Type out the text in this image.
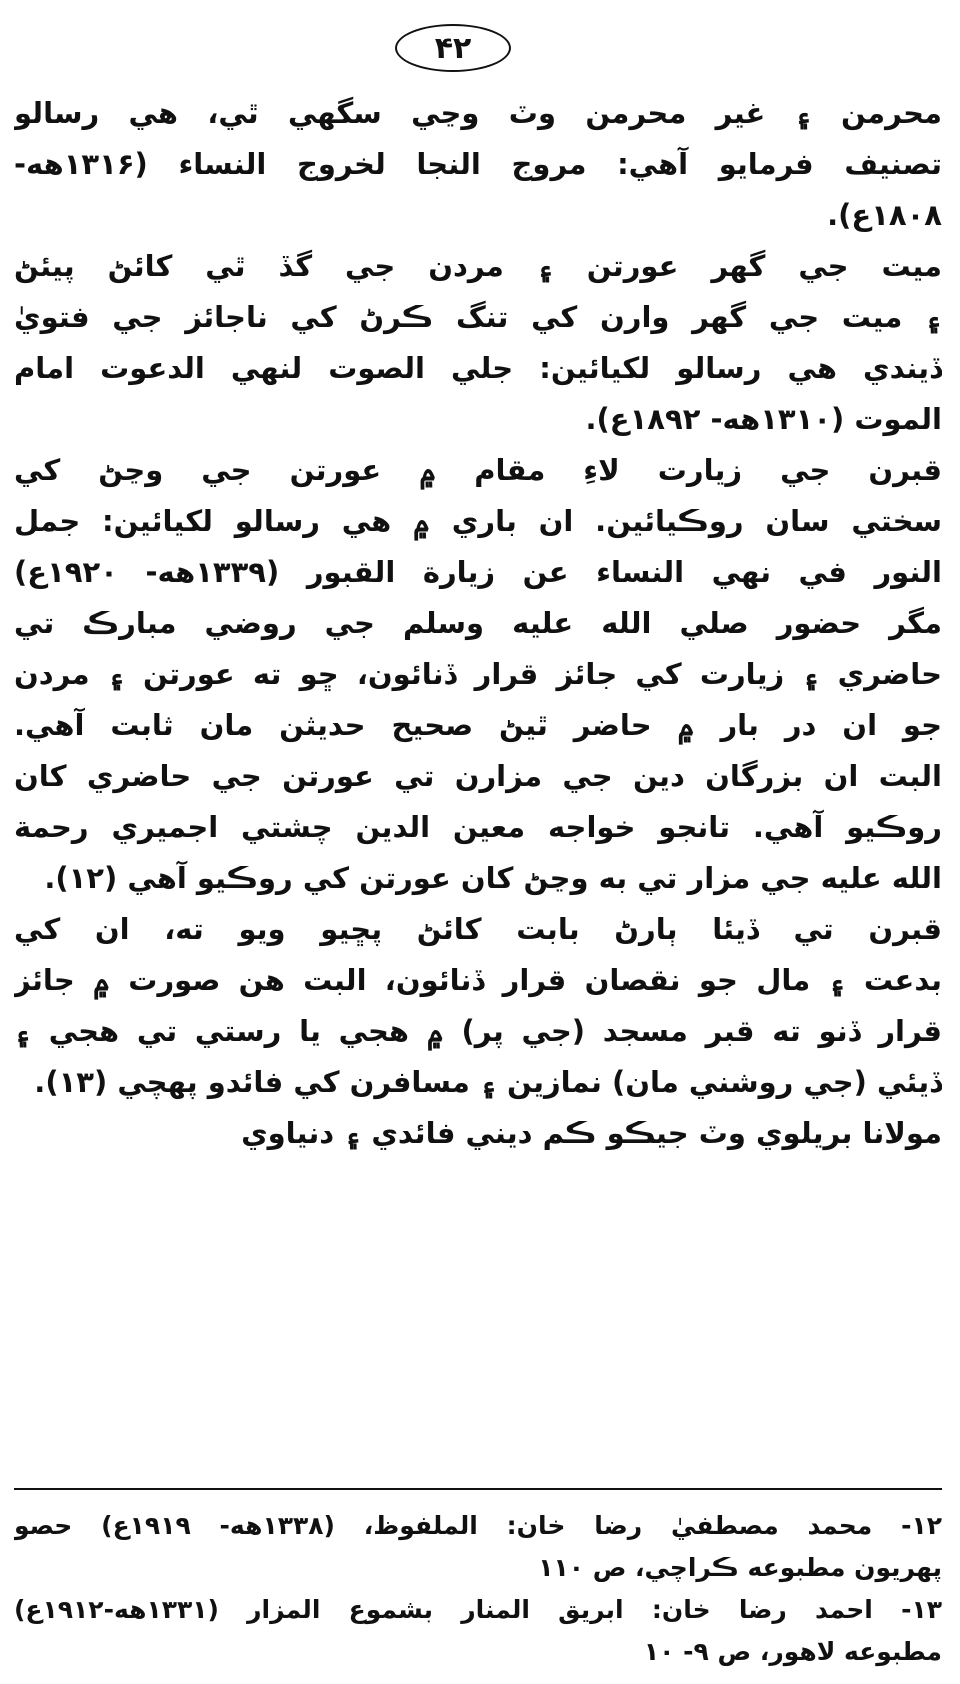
۴۲
محرمن ۽ غير محرمن وٽ وڃي سگهي ٿي، هي رسالو
تصنيف فرمايو آهي: مروج النجا لخروج النساء (۱۳۱۶هه-
۱۸۰۸ع).
ميت جي گهر عورتن ۽ مردن جي گڏ ٿي کائڻ پيئڻ
۽ ميت جي گهر وارن کي تنگ ڪرڻ کي ناجائز جي فتويٰ
ڏيندي هي رسالو لکيائين: جلي الصوت لنهي الدعوت امام
الموت (۱۳۱۰هه- ۱۸۹۲ع).
قبرن جي زيارت لاءِ مقام ۾ عورتن جي وڃڻ کي
سختي سان روڪيائين. ان باري ۾ هي رسالو لکيائين: جمل
النور في نهي النساء عن زيارة القبور (۱۳۳۹هه- ۱۹۲۰ع)
مگر حضور صلي الله عليه وسلم جي روضي مبارڪ تي
حاضري ۽ زيارت کي جائز قرار ڏنائون، ڇو ته عورتن ۽ مردن
جو ان در بار ۾ حاضر ٿيڻ صحيح حديثن مان ثابت آهي.
البت ان بزرگان دين جي مزارن تي عورتن جي حاضري کان
روڪيو آهي. تانجو خواجه معين الدين چشتي اجميري رحمة
الله عليه جي مزار تي به وڃڻ کان عورتن کي روڪيو آهي (۱۲).
قبرن تي ڏيئا ٻارڻ بابت کائڻ پڇيو ويو ته، ان کي
بدعت ۽ مال جو نقصان قرار ڏنائون، البت هن صورت ۾ جائز
قرار ڏنو ته قبر مسجد (جي پر) ۾ هجي يا رستي تي هجي ۽
ڏيئي (جي روشني مان) نمازين ۽ مسافرن کي فائدو پهچي (۱۳).
مولانا بريلوي وٽ جيڪو ڪم ديني فائدي ۽ دنياوي
۱۲- محمد مصطفيٰ رضا خان: الملفوظ، (۱۳۳۸هه- ۱۹۱۹ع) حصو
پهريون مطبوعه ڪراچي، ص ۱۱۰
۱۳- احمد رضا خان: ابريق المنار بشموع المزار (۱۳۳۱هه-۱۹۱۲ع)
مطبوعه لاهور، ص ۹- ۱۰
